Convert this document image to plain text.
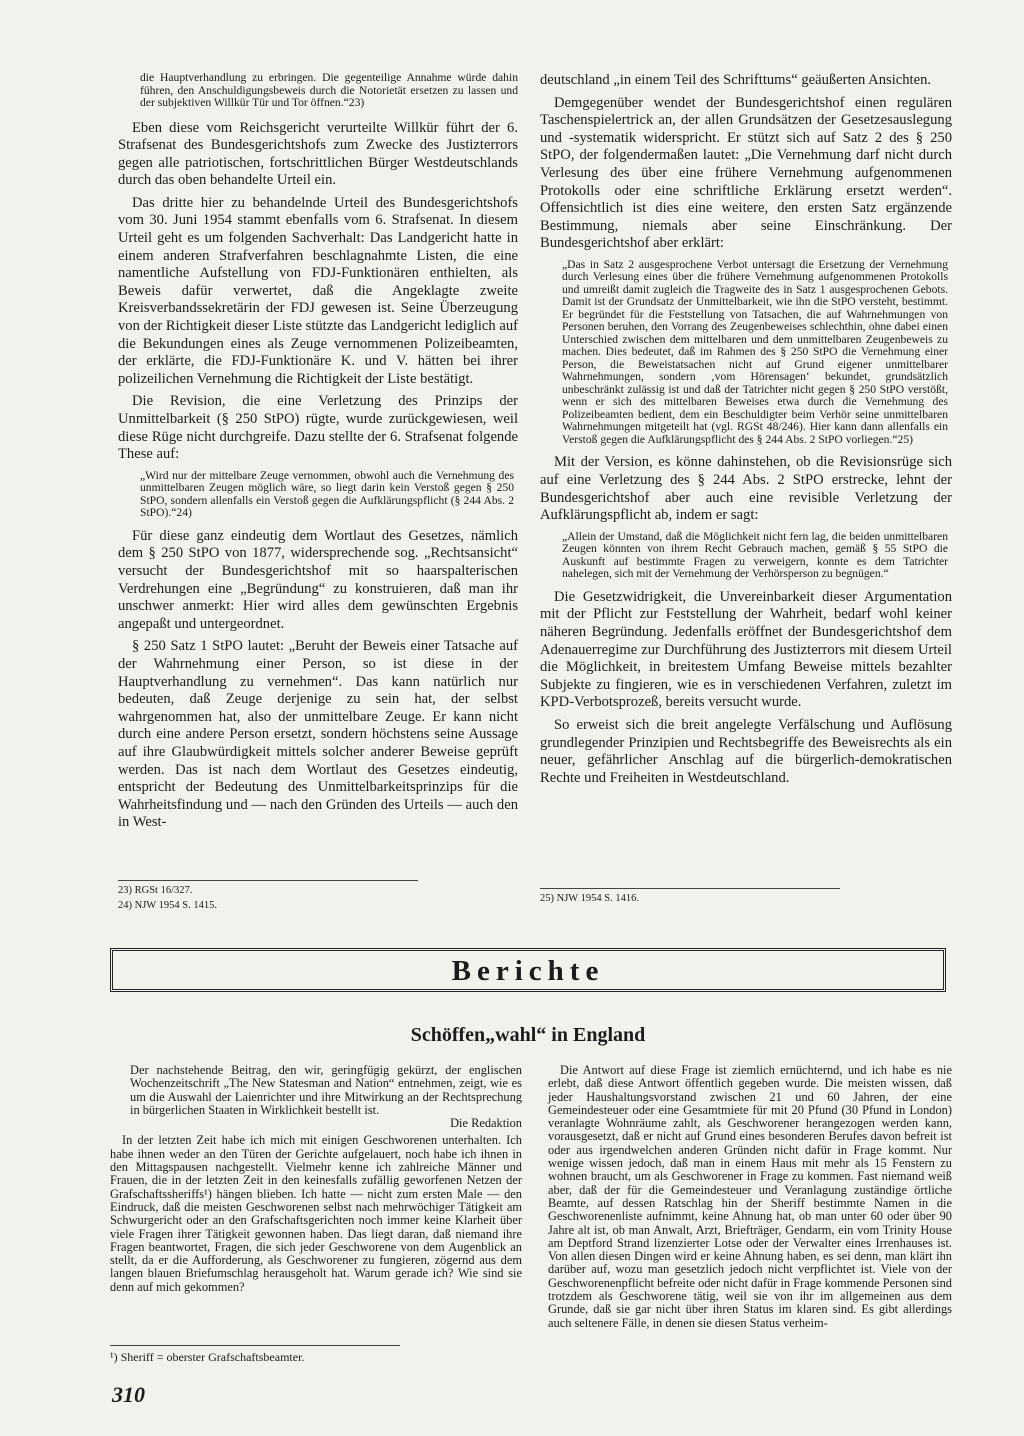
die Hauptverhandlung zu erbringen. Die gegenteilige Annahme würde dahin führen, den Anschuldigungsbeweis durch die Notorietät ersetzen zu lassen und der subjektiven Willkür Tür und Tor öffnen.“23)

Eben diese vom Reichsgericht verurteilte Willkür führt der 6. Strafsenat des Bundesgerichtshofs zum Zwecke des Justizterrors gegen alle patriotischen, fortschrittlichen Bürger Westdeutschlands durch das oben behandelte Urteil ein.

Das dritte hier zu behandelnde Urteil des Bundesgerichtshofs vom 30. Juni 1954 stammt ebenfalls vom 6. Strafsenat. In diesem Urteil geht es um folgenden Sachverhalt: Das Landgericht hatte in einem anderen Strafverfahren beschlagnahmte Listen, die eine namentliche Aufstellung von FDJ-Funktionären enthielten, als Beweis dafür verwertet, daß die Angeklagte zweite Kreisverbandssekretärin der FDJ gewesen ist. Seine Überzeugung von der Richtigkeit dieser Liste stützte das Landgericht lediglich auf die Bekundungen eines als Zeuge vernommenen Polizeibeamten, der erklärte, die FDJ-Funktionäre K. und V. hätten bei ihrer polizeilichen Vernehmung die Richtigkeit der Liste bestätigt.

Die Revision, die eine Verletzung des Prinzips der Unmittelbarkeit (§ 250 StPO) rügte, wurde zurückgewiesen, weil diese Rüge nicht durchgreife. Dazu stellte der 6. Strafsenat folgende These auf:

„Wird nur der mittelbare Zeuge vernommen, obwohl auch die Vernehmung des unmittelbaren Zeugen möglich wäre, so liegt darin kein Verstoß gegen § 250 StPO, sondern allenfalls ein Verstoß gegen die Aufklärungspflicht (§ 244 Abs. 2 StPO).“24)

Für diese ganz eindeutig dem Wortlaut des Gesetzes, nämlich dem § 250 StPO von 1877, widersprechende sog. „Rechtsansicht“ versucht der Bundesgerichtshof mit so haarspalterischen Verdrehungen eine „Begründung“ zu konstruieren, daß man ihr unschwer anmerkt: Hier wird alles dem gewünschten Ergebnis angepaßt und untergeordnet.

§ 250 Satz 1 StPO lautet: „Beruht der Beweis einer Tatsache auf der Wahrnehmung einer Person, so ist diese in der Hauptverhandlung zu vernehmen“. Das kann natürlich nur bedeuten, daß Zeuge derjenige zu sein hat, der selbst wahrgenommen hat, also der unmittelbare Zeuge. Er kann nicht durch eine andere Person ersetzt, sondern höchstens seine Aussage auf ihre Glaubwürdigkeit mittels solcher anderer Beweise geprüft werden. Das ist nach dem Wortlaut des Gesetzes eindeutig, entspricht der Bedeutung des Unmittelbarkeitsprinzips für die Wahrheitsfindung und — nach den Gründen des Urteils — auch den in West-

23) RGSt 16/327.

24) NJW 1954 S. 1415.

deutschland „in einem Teil des Schrifttums“ geäußerten Ansichten.

Demgegenüber wendet der Bundesgerichtshof einen regulären Taschenspielertrick an, der allen Grundsätzen der Gesetzesauslegung und -systematik widerspricht. Er stützt sich auf Satz 2 des § 250 StPO, der folgendermaßen lautet: „Die Vernehmung darf nicht durch Verlesung des über eine frühere Vernehmung aufgenommenen Protokolls oder eine schriftliche Erklärung ersetzt werden“. Offensichtlich ist dies eine weitere, den ersten Satz ergänzende Bestimmung, niemals aber seine Einschränkung. Der Bundesgerichtshof aber erklärt:

„Das in Satz 2 ausgesprochene Verbot untersagt die Ersetzung der Vernehmung durch Verlesung eines über die frühere Vernehmung aufgenommenen Protokolls und umreißt damit zugleich die Tragweite des in Satz 1 ausgesprochenen Gebots. Damit ist der Grundsatz der Unmittelbarkeit, wie ihn die StPO versteht, bestimmt. Er begründet für die Feststellung von Tatsachen, die auf Wahrnehmungen von Personen beruhen, den Vorrang des Zeugenbeweises schlechthin, ohne dabei einen Unterschied zwischen dem mittelbaren und dem unmittelbaren Zeugenbeweis zu machen. Dies bedeutet, daß im Rahmen des § 250 StPO die Vernehmung einer Person, die Beweistatsachen nicht auf Grund eigener unmittelbarer Wahrnehmungen, sondern ‚vom Hörensagen‘ bekundet, grundsätzlich unbeschränkt zulässig ist und daß der Tatrichter nicht gegen § 250 StPO verstößt, wenn er sich des mittelbaren Beweises etwa durch die Vernehmung des Polizeibeamten bedient, dem ein Beschuldigter beim Verhör seine unmittelbaren Wahrnehmungen mitgeteilt hat (vgl. RGSt 48/246). Hier kann dann allenfalls ein Verstoß gegen die Aufklärungspflicht des § 244 Abs. 2 StPO vorliegen.“25)

Mit der Version, es könne dahinstehen, ob die Revisionsrüge sich auf eine Verletzung des § 244 Abs. 2 StPO erstrecke, lehnt der Bundesgerichtshof aber auch eine revisible Verletzung der Aufklärungspflicht ab, indem er sagt:

„Allein der Umstand, daß die Möglichkeit nicht fern lag, die beiden unmittelbaren Zeugen könnten von ihrem Recht Gebrauch machen, gemäß § 55 StPO die Auskunft auf bestimmte Fragen zu verweigern, konnte es dem Tatrichter nahelegen, sich mit der Vernehmung der Verhörsperson zu begnügen.“

Die Gesetzwidrigkeit, die Unvereinbarkeit dieser Argumentation mit der Pflicht zur Feststellung der Wahrheit, bedarf wohl keiner näheren Begründung. Jedenfalls eröffnet der Bundesgerichtshof dem Adenauerregime zur Durchführung des Justizterrors mit diesem Urteil die Möglichkeit, in breitestem Umfang Beweise mittels bezahlter Subjekte zu fingieren, wie es in verschiedenen Verfahren, zuletzt im KPD-Verbotsprozeß, bereits versucht wurde.

So erweist sich die breit angelegte Verfälschung und Auflösung grundlegender Prinzipien und Rechtsbegriffe des Beweisrechts als ein neuer, gefährlicher Anschlag auf die bürgerlich-demokratischen Rechte und Freiheiten in Westdeutschland.

25) NJW 1954 S. 1416.

Berichte
Schöffen„wahl“ in England

Der nachstehende Beitrag, den wir, geringfügig gekürzt, der englischen Wochenzeitschrift „The New Statesman and Nation“ entnehmen, zeigt, wie es um die Auswahl der Laienrichter und ihre Mitwirkung an der Rechtsprechung in bürgerlichen Staaten in Wirklichkeit bestellt ist.

Die Redaktion

In der letzten Zeit habe ich mich mit einigen Geschworenen unterhalten. Ich habe ihnen weder an den Türen der Gerichte aufgelauert, noch habe ich ihnen in den Mittagspausen nachgestellt. Vielmehr kenne ich zahlreiche Männer und Frauen, die in der letzten Zeit in den keinesfalls zufällig geworfenen Netzen der Grafschaftssheriffs¹) hängen blieben. Ich hatte — nicht zum ersten Male — den Eindruck, daß die meisten Geschworenen selbst nach mehrwöchiger Tätigkeit am Schwurgericht oder an den Grafschaftsgerichten noch immer keine Klarheit über viele Fragen ihrer Tätigkeit gewonnen haben. Das liegt daran, daß niemand ihre Fragen beantwortet, Fragen, die sich jeder Geschworene von dem Augenblick an stellt, da er die Aufforderung, als Geschworener zu fungieren, zögernd aus dem langen blauen Briefumschlag herausgeholt hat. Warum gerade ich? Wie sind sie denn auf mich gekommen?

Die Antwort auf diese Frage ist ziemlich ernüchternd, und ich habe es nie erlebt, daß diese Antwort öffentlich gegeben wurde. Die meisten wissen, daß jeder Haushaltungsvorstand zwischen 21 und 60 Jahren, der eine Gemeindesteuer oder eine Gesamtmiete für mit 20 Pfund (30 Pfund in London) veranlagte Wohnräume zahlt, als Geschworener herangezogen werden kann, vorausgesetzt, daß er nicht auf Grund eines besonderen Berufes davon befreit ist oder aus irgendwelchen anderen Gründen nicht dafür in Frage kommt. Nur wenige wissen jedoch, daß man in einem Haus mit mehr als 15 Fenstern zu wohnen braucht, um als Geschworener in Frage zu kommen. Fast niemand weiß aber, daß der für die Gemeindesteuer und Veranlagung zuständige örtliche Beamte, auf dessen Ratschlag hin der Sheriff bestimmte Namen in die Geschworenenliste aufnimmt, keine Ahnung hat, ob man unter 60 oder über 90 Jahre alt ist, ob man Anwalt, Arzt, Briefträger, Gendarm, ein vom Trinity House am Deptford Strand lizenzierter Lotse oder der Verwalter eines Irrenhauses ist. Von allen diesen Dingen wird er keine Ahnung haben, es sei denn, man klärt ihn darüber auf, wozu man gesetzlich jedoch nicht verpflichtet ist. Viele von der Geschworenenpflicht befreite oder nicht dafür in Frage kommende Personen sind trotzdem als Geschworene tätig, weil sie von ihr im allgemeinen aus dem Grunde, daß sie gar nicht über ihren Status im klaren sind. Es gibt allerdings auch seltenere Fälle, in denen sie diesen Status verheim-

¹) Sheriff = oberster Grafschaftsbeamter.
310
